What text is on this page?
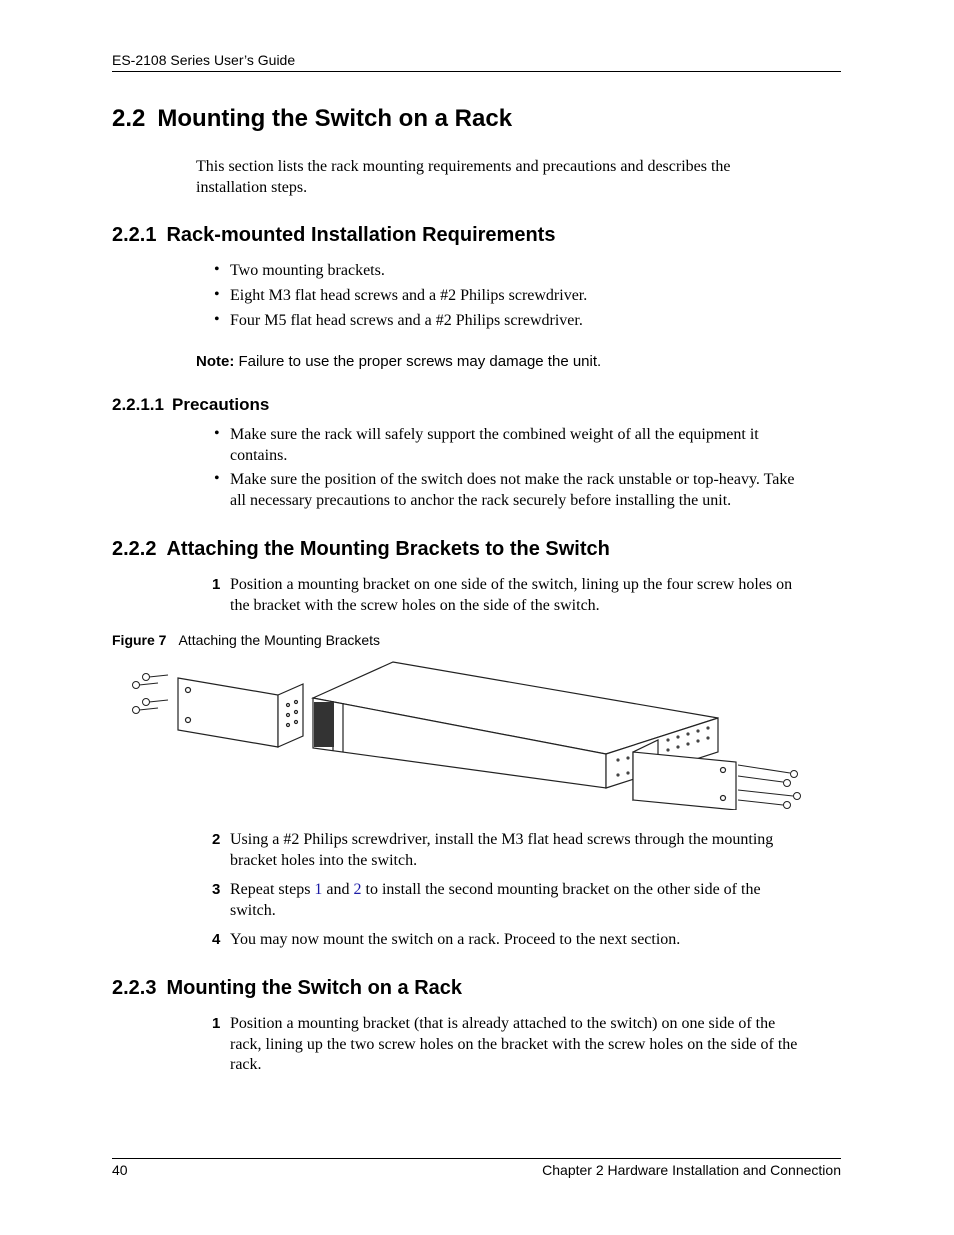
ES-2108 Series User’s Guide
2.2 Mounting the Switch on a Rack
This section lists the rack mounting requirements and precautions and describes the
installation steps.
2.2.1 Rack-mounted Installation Requirements
• Two mounting brackets.
• Eight M3 flat head screws and a #2 Philips screwdriver.
• Four M5 flat head screws and a #2 Philips screwdriver.
Note: Failure to use the proper screws may damage the unit.
2.2.1.1 Precautions
• Make sure the rack will safely support the combined weight of all the equipment it
contains.
• Make sure the position of the switch does not make the rack unstable or top-heavy. Take
all necessary precautions to anchor the rack securely before installing the unit.
2.2.2 Attaching the Mounting Brackets to the Switch
1 Position a mounting bracket on one side of the switch, lining up the four screw holes on
the bracket with the screw holes on the side of the switch.
Figure 7 Attaching the Mounting Brackets
2 Using a #2 Philips screwdriver, install the M3 flat head screws through the mounting
bracket holes into the switch.
3 Repeat steps 1 and 2 to install the second mounting bracket on the other side of the
switch.
4 You may now mount the switch on a rack. Proceed to the next section.
2.2.3 Mounting the Switch on a Rack
1 Position a mounting bracket (that is already attached to the switch) on one side of the
rack, lining up the two screw holes on the bracket with the screw holes on the side of the
rack.
40	Chapter 2 Hardware Installation and Connection
